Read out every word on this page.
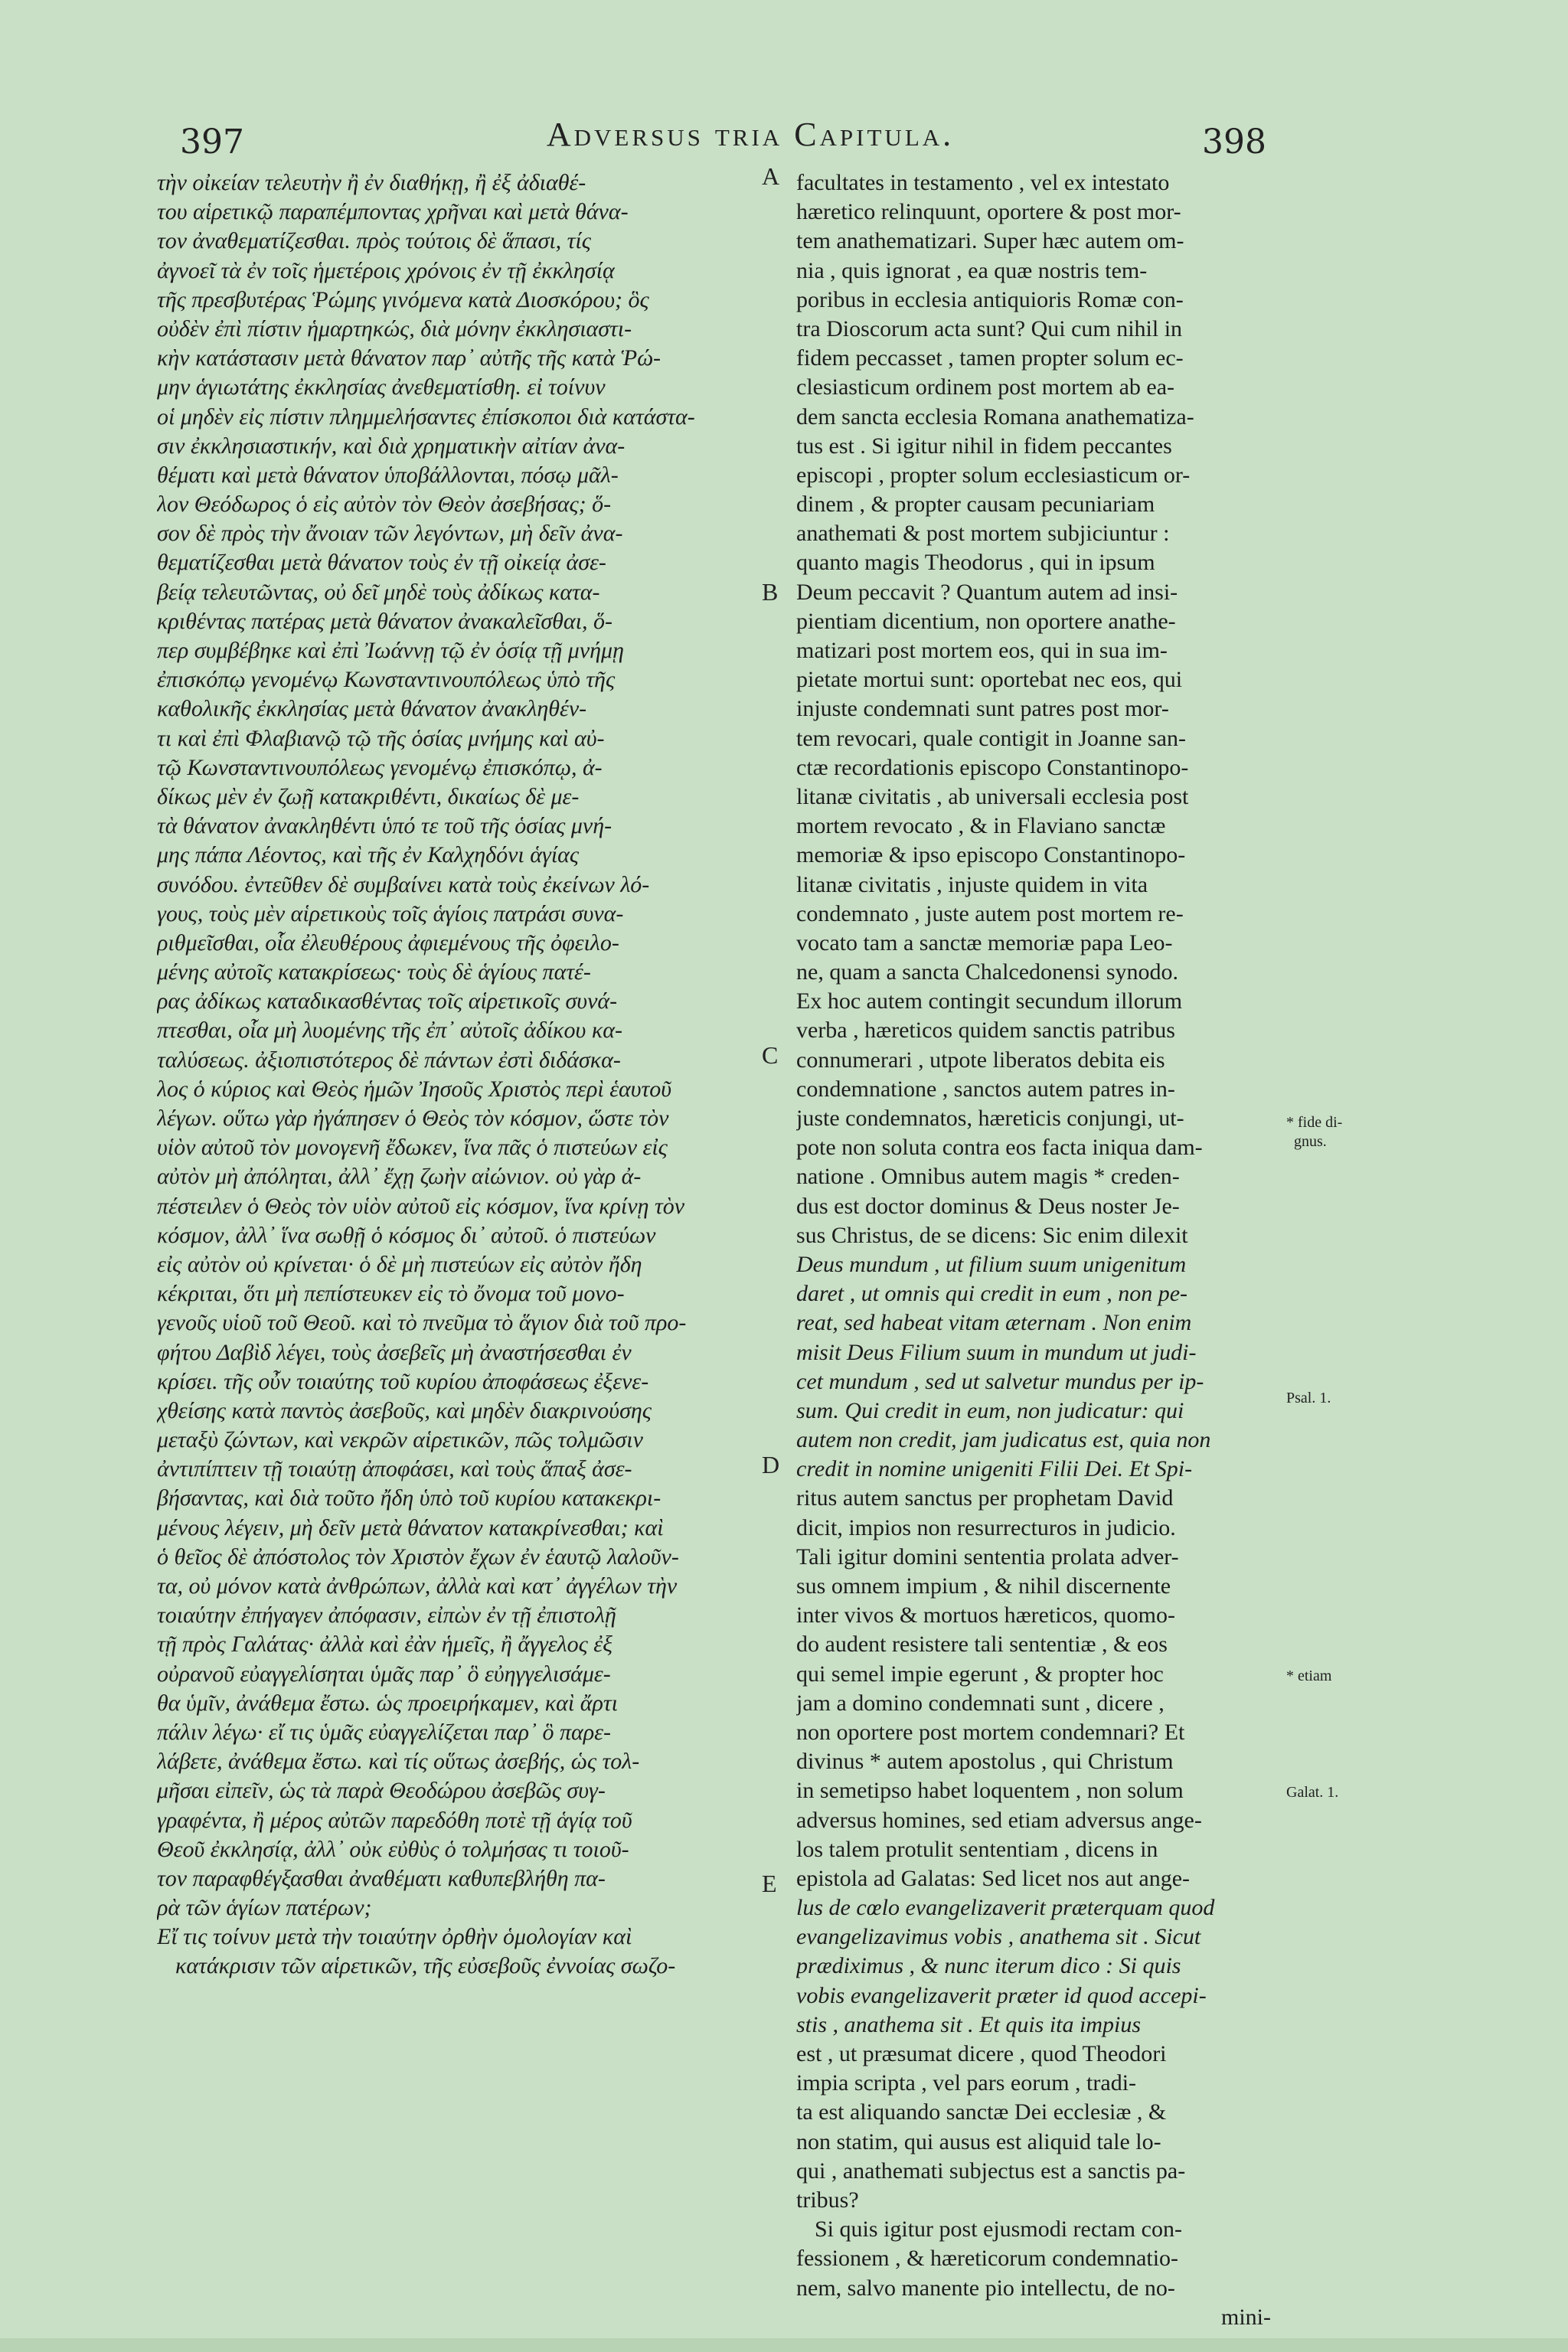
397	Adversus tria Capitula.	398
τὴν οἰκείαν τελευτὴν ἢ ἐν διαθήκῃ, ἢ ἐξ ἀδιαθέ-
του αἱρετικῷ παραπέμποντας χρῆναι καὶ μετὰ θάνα-
τον ἀναθεματίζεσθαι. πρὸς τούτοις δὲ ἅπασι, τίς
ἀγνοεῖ τὰ ἐν τοῖς ἡμετέροις χρόνοις ἐν τῇ ἐκκλησίᾳ
τῆς πρεσβυτέρας Ῥώμης γινόμενα κατὰ Διοσκόρου; ὃς
οὐδὲν ἐπὶ πίστιν ἡμαρτηκώς, διὰ μόνην ἐκκλησιαστι-
κὴν κατάστασιν μετὰ θάνατον παρ᾽ αὐτῆς τῆς κατὰ Ῥώ-
μην ἁγιωτάτης ἐκκλησίας ἀνεθεματίσθη. εἰ τοίνυν
οἱ μηδὲν εἰς πίστιν πλημμελήσαντες ἐπίσκοποι διὰ κατάστα-
σιν ἐκκλησιαστικήν, καὶ διὰ χρηματικὴν αἰτίαν ἀνα-
θέματι καὶ μετὰ θάνατον ὑποβάλλονται, πόσῳ μᾶλ-
λον Θεόδωρος ὁ εἰς αὐτὸν τὸν Θεὸν ἀσεβήσας; ὅ-
σον δὲ πρὸς τὴν ἄνοιαν τῶν λεγόντων, μὴ δεῖν ἀνα-
θεματίζεσθαι μετὰ θάνατον τοὺς ἐν τῇ οἰκείᾳ ἀσε-
βείᾳ τελευτῶντας, οὐ δεῖ μηδὲ τοὺς ἀδίκως κατα-
κριθέντας πατέρας μετὰ θάνατον ἀνακαλεῖσθαι, ὅ-
περ συμβέβηκε καὶ ἐπὶ Ἰωάννῃ τῷ ἐν ὁσίᾳ τῇ μνήμῃ
ἐπισκόπῳ γενομένῳ Κωνσταντινουπόλεως ὑπὸ τῆς
καθολικῆς ἐκκλησίας μετὰ θάνατον ἀνακληθέν-
τι καὶ ἐπὶ Φλαβιανῷ τῷ τῆς ὁσίας μνήμης καὶ αὐ-
τῷ Κωνσταντινουπόλεως γενομένῳ ἐπισκόπῳ, ἀ-
δίκως μὲν ἐν ζωῇ κατακριθέντι, δικαίως δὲ με-
τὰ θάνατον ἀνακληθέντι ὑπό τε τοῦ τῆς ὁσίας μνή-
μης πάπα Λέοντος, καὶ τῆς ἐν Καλχηδόνι ἁγίας
συνόδου. ἐντεῦθεν δὲ συμβαίνει κατὰ τοὺς ἐκείνων λό-
γους, τοὺς μὲν αἱρετικοὺς τοῖς ἁγίοις πατράσι συνα-
ριθμεῖσθαι, οἷα ἐλευθέρους ἀφιεμένους τῆς ὀφειλο-
μένης αὐτοῖς κατακρίσεως· τοὺς δὲ ἁγίους πατέ-
ρας ἀδίκως καταδικασθέντας τοῖς αἱρετικοῖς συνά-
πτεσθαι, οἷα μὴ λυομένης τῆς ἐπ᾽ αὐτοῖς ἀδίκου κα-
ταλύσεως. ἀξιοπιστότερος δὲ πάντων ἐστὶ διδάσκα-
λος ὁ κύριος καὶ Θεὸς ἡμῶν Ἰησοῦς Χριστὸς περὶ ἑαυτοῦ
λέγων. οὕτω γὰρ ἠγάπησεν ὁ Θεὸς τὸν κόσμον, ὥστε τὸν
υἱὸν αὐτοῦ τὸν μονογενῆ ἔδωκεν, ἵνα πᾶς ὁ πιστεύων εἰς
αὐτὸν μὴ ἀπόληται, ἀλλ᾽ ἔχῃ ζωὴν αἰώνιον. οὐ γὰρ ἀ-
πέστειλεν ὁ Θεὸς τὸν υἱὸν αὐτοῦ εἰς κόσμον, ἵνα κρίνῃ τὸν
κόσμον, ἀλλ᾽ ἵνα σωθῇ ὁ κόσμος δι᾽ αὐτοῦ. ὁ πιστεύων
εἰς αὐτὸν οὐ κρίνεται· ὁ δὲ μὴ πιστεύων εἰς αὐτὸν ἤδη
κέκριται, ὅτι μὴ πεπίστευκεν εἰς τὸ ὄνομα τοῦ μονο-
γενοῦς υἱοῦ τοῦ Θεοῦ. καὶ τὸ πνεῦμα τὸ ἅγιον διὰ τοῦ προ-
φήτου Δαβὶδ λέγει, τοὺς ἀσεβεῖς μὴ ἀναστήσεσθαι ἐν
κρίσει. τῆς οὖν τοιαύτης τοῦ κυρίου ἀποφάσεως ἐξενε-
χθείσης κατὰ παντὸς ἀσεβοῦς, καὶ μηδὲν διακρινούσης
μεταξὺ ζώντων, καὶ νεκρῶν αἱρετικῶν, πῶς τολμῶσιν
ἀντιπίπτειν τῇ τοιαύτῃ ἀποφάσει, καὶ τοὺς ἅπαξ ἀσε-
βήσαντας, καὶ διὰ τοῦτο ἤδη ὑπὸ τοῦ κυρίου κατακεκρι-
μένους λέγειν, μὴ δεῖν μετὰ θάνατον κατακρίνεσθαι; καὶ
ὁ θεῖος δὲ ἀπόστολος τὸν Χριστὸν ἔχων ἐν ἑαυτῷ λαλοῦν-
τα, οὐ μόνον κατὰ ἀνθρώπων, ἀλλὰ καὶ κατ᾽ ἀγγέλων τὴν
τοιαύτην ἐπήγαγεν ἀπόφασιν, εἰπὼν ἐν τῇ ἐπιστολῇ
τῇ πρὸς Γαλάτας· ἀλλὰ καὶ ἐὰν ἡμεῖς, ἢ ἄγγελος ἐξ
οὐρανοῦ εὐαγγελίσηται ὑμᾶς παρ᾽ ὃ εὐηγγελισάμε-
θα ὑμῖν, ἀνάθεμα ἔστω. ὡς προειρήκαμεν, καὶ ἄρτι
πάλιν λέγω· εἴ τις ὑμᾶς εὐαγγελίζεται παρ᾽ ὃ παρε-
λάβετε, ἀνάθεμα ἔστω. καὶ τίς οὕτως ἀσεβής, ὡς τολ-
μῆσαι εἰπεῖν, ὡς τὰ παρὰ Θεοδώρου ἀσεβῶς συγ-
γραφέντα, ἢ μέρος αὐτῶν παρεδόθη ποτὲ τῇ ἁγίᾳ τοῦ
Θεοῦ ἐκκλησίᾳ, ἀλλ᾽ οὐκ εὐθὺς ὁ τολμήσας τι τοιοῦ-
τον παραφθέγξασθαι ἀναθέματι καθυπεβλήθη πα-
ρὰ τῶν ἁγίων πατέρων;
Εἴ τις τοίνυν μετὰ τὴν τοιαύτην ὀρθὴν ὁμολογίαν καὶ
κατάκρισιν τῶν αἱρετικῶν, τῆς εὐσεβοῦς ἐννοίας σωζο-
facultates in testamento , vel ex intestato
hæretico relinquunt, oportere & post mor-
tem anathematizari. Super hæc autem om-
nia , quis ignorat , ea quæ nostris tem-
poribus in ecclesia antiquioris Romæ con-
tra Dioscorum acta sunt? Qui cum nihil in
fidem peccasset , tamen propter solum ec-
clesiasticum ordinem post mortem ab ea-
dem sancta ecclesia Romana anathematiza-
tus est . Si igitur nihil in fidem peccantes
episcopi , propter solum ecclesiasticum or-
dinem , & propter causam pecuniariam
anathemati & post mortem subjiciuntur :
quanto magis Theodorus , qui in ipsum
Deum peccavit ? Quantum autem ad insi-
pientiam dicentium, non oportere anathe-
matizari post mortem eos, qui in sua im-
pietate mortui sunt: oportebat nec eos, qui
injuste condemnati sunt patres post mor-
tem revocari, quale contigit in Joanne san-
ctæ recordationis episcopo Constantinopo-
litanæ civitatis , ab universali ecclesia post
mortem revocato , & in Flaviano sanctæ
memoriæ & ipso episcopo Constantinopo-
litanæ civitatis , injuste quidem in vita
condemnato , juste autem post mortem re-
vocato tam a sanctæ memoriæ papa Leo-
ne, quam a sancta Chalcedonensi synodo.
Ex hoc autem contingit secundum illorum
verba , hæreticos quidem sanctis patribus
connumerari , utpote liberatos debita eis
condemnatione , sanctos autem patres in-
juste condemnatos, hæreticis conjungi, ut-
pote non soluta contra eos facta iniqua dam-
natione . Omnibus autem magis * creden-
dus est doctor dominus & Deus noster Je-
sus Christus, de se dicens: Sic enim dilexit
Deus mundum , ut filium suum unigenitum
daret , ut omnis qui credit in eum , non pe-
reat, sed habeat vitam æternam . Non enim
misit Deus Filium suum in mundum ut judi-
cet mundum , sed ut salvetur mundus per ip-
sum. Qui credit in eum, non judicatur: qui
autem non credit, jam judicatus est, quia non
credit in nomine unigeniti Filii Dei. Et Spi-
ritus autem sanctus per prophetam David
dicit, impios non resurrecturos in judicio.
Tali igitur domini sententia prolata adver-
sus omnem impium , & nihil discernente
inter vivos & mortuos hæreticos, quomo-
do audent resistere tali sententiæ , & eos
qui semel impie egerunt , & propter hoc
jam a domino condemnati sunt , dicere ,
non oportere post mortem condemnari? Et
divinus * autem apostolus , qui Christum
in semetipso habet loquentem , non solum
adversus homines, sed etiam adversus ange-
los talem protulit sententiam , dicens in
epistola ad Galatas: Sed licet nos aut ange-
lus de cœlo evangelizaverit præterquam quod
evangelizavimus vobis , anathema sit . Sicut
prædiximus , & nunc iterum dico : Si quis
vobis evangelizaverit præter id quod accepi-
stis , anathema sit . Et quis ita impius
est , ut præsumat dicere , quod Theodori
impia scripta , vel pars eorum , tradi-
ta est aliquando sanctæ Dei ecclesiæ , &
non statim, qui ausus est aliquid tale lo-
qui , anathemati subjectus est a sanctis pa-
tribus?
Si quis igitur post ejusmodi rectam con-
fessionem , & hæreticorum condemnatio-
nem, salvo manente pio intellectu, de no-
mini-
A
B
C
D
E
* fide di-
gnus.
Psal. 1.
* etiam
Galat. 1.
